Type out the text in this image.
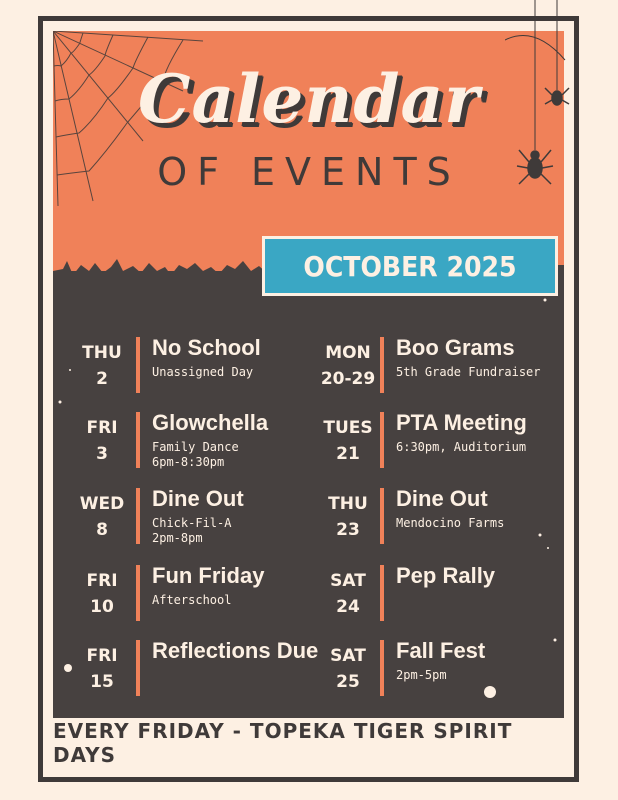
Calendar
OF EVENTS
OCTOBER 2025
THU
2
No School
Unassigned Day
FRI
3
Glowchella
Family Dance
6pm-8:30pm
WED
8
Dine Out
Chick-Fil-A
2pm-8pm
FRI
10
Fun Friday
Afterschool
FRI
15
Reflections Due
MON
20-29
Boo Grams
5th Grade Fundraiser
TUES
21
PTA Meeting
6:30pm, Auditorium
THU
23
Dine Out
Mendocino Farms
SAT
24
Pep Rally
SAT
25
Fall Fest
2pm-5pm
EVERY FRIDAY - TOPEKA TIGER SPIRIT DAYS
